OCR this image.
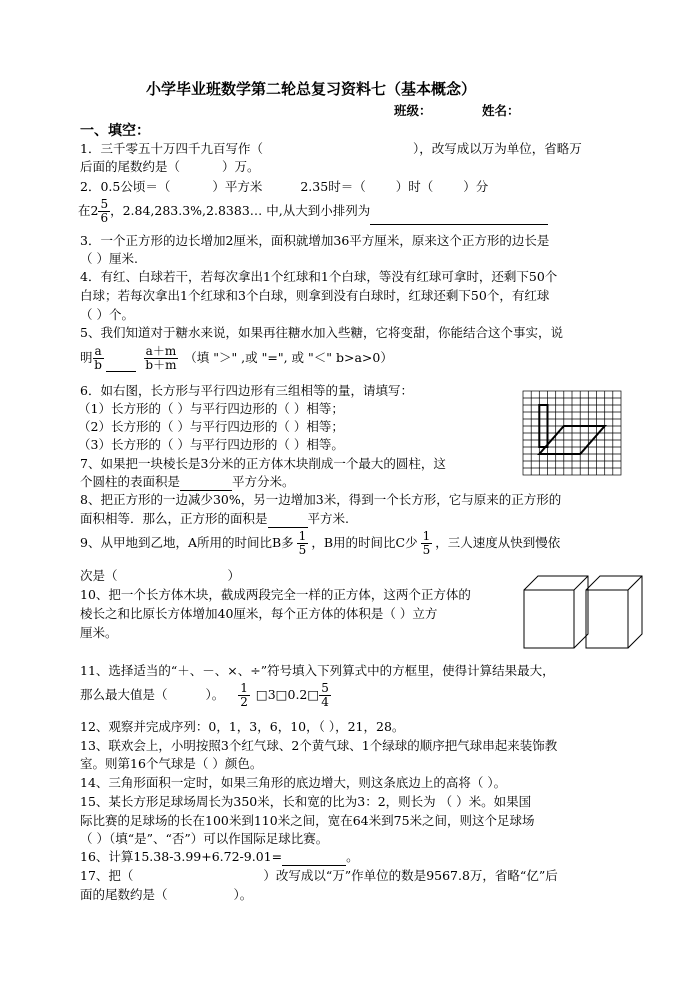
小学毕业班数学第二轮总复习资料七（基本概念）
班级：	姓名：
一、填空：
1．三千零五十万四千九百写作（	），改写成以万为单位，省略万
后面的尾数约是（	）万。
2．0.5公顷＝（	）平方米	2.35时＝（ ）时（ ）分
在$2 \frac{5}{6}$ ，2.84,283.3%,2.8383… 中,从大到小排列为
3．一个正方形的边长增加2厘米，面积就增加36平方厘米，原来这个正方形的边长是
（ ）厘米.
4．有红、白球若干，若每次拿出1个红球和1个白球，等没有红球可拿时，还剩下50个
白球；若每次拿出1个红球和3个白球，则拿到没有白球时，红球还剩下50个，有红球
（ ）个。
5、我们知道对于糖水来说，如果再往糖水加入些糖，它将变甜，你能结合这个事实，说
明 $\frac{a}{b}$	$\frac{a+m}{b+m}$ （填 "＞" ,或 "=", 或 "＜" b>a>0）
6．如右图，长方形与平行四边形有三组相等的量，请填写：
（1）长方形的（ ）与平行四边形的（ ）相等；
（2）长方形的（ ）与平行四边形的（ ）相等；
（3）长方形的（ ）与平行四边形的（ ）相等。
7、如果把一块棱长是3分米的正方体木块削成一个最大的圆柱，这
个圆柱的表面积是	平方分米。
8、把正方形的一边减少30%，另一边增加3米，得到一个长方形，它与原来的正方形的
面积相等．那么，正方形的面积是	平方米.
9、从甲地到乙地，A所用的时间比B多 $\frac{1}{5}$ ，B用的时间比C少 $\frac{1}{5}$ ，三人速度从快到慢依
次是（	）
10、把一个长方体木块，截成两段完全一样的正方体，这两个正方体的
棱长之和比原长方体增加40厘米，每个正方体的体积是（ ）立方
厘米。
11、选择适当的“＋、－、×、÷”符号填入下列算式中的方框里，使得计算结果最大，
那么最大值是（	）。 $\frac{1}{2}$ □3□0.2□ $\frac{5}{4}$
12、观察并完成序列：0，1，3，6，10，（ ），21，28。
13、联欢会上，小明按照3个红气球、2个黄气球、1个绿球的顺序把气球串起来装饰教
室。则第16个气球是（ ）颜色。
14、三角形面积一定时，如果三角形的底边增大，则这条底边上的高将（ ）。
15、某长方形足球场周长为350米，长和宽的比为3：2，则长为 （ ）米。如果国
际比赛的足球场的长在100米到110米之间，宽在64米到75米之间，则这个足球场
（ ）（填“是”、“否”）可以作国际足球比赛。
16、计算15.38-3.99+6.72-9.01=	。
17、把（	）改写成以“万”作单位的数是9567.8万，省略“亿”后
面的尾数约是（	）。
